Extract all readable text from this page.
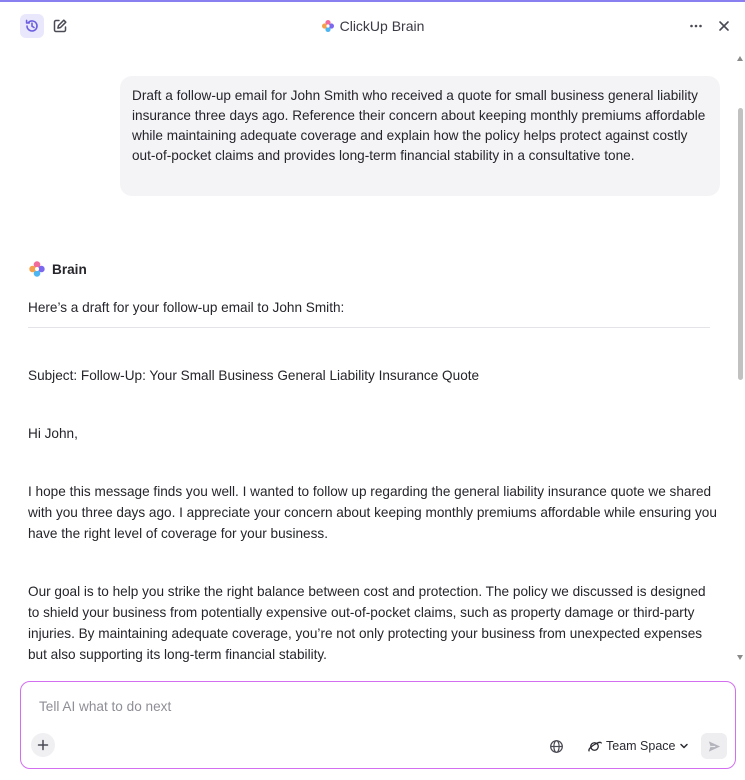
ClickUp Brain
Draft a follow-up email for John Smith who received a quote for small business general liability insurance three days ago. Reference their concern about keeping monthly premiums affordable while maintaining adequate coverage and explain how the policy helps protect against costly out-of-pocket claims and provides long-term financial stability in a consultative tone.
Brain
Here’s a draft for your follow-up email to John Smith:
Subject: Follow-Up: Your Small Business General Liability Insurance Quote
Hi John,
I hope this message finds you well. I wanted to follow up regarding the general liability insurance quote we shared with you three days ago. I appreciate your concern about keeping monthly premiums affordable while ensuring you have the right level of coverage for your business.
Our goal is to help you strike the right balance between cost and protection. The policy we discussed is designed to shield your business from potentially expensive out-of-pocket claims, such as property damage or third-party injuries. By maintaining adequate coverage, you’re not only protecting your business from unexpected expenses but also supporting its long-term financial stability.
Tell AI what to do next
Team Space
